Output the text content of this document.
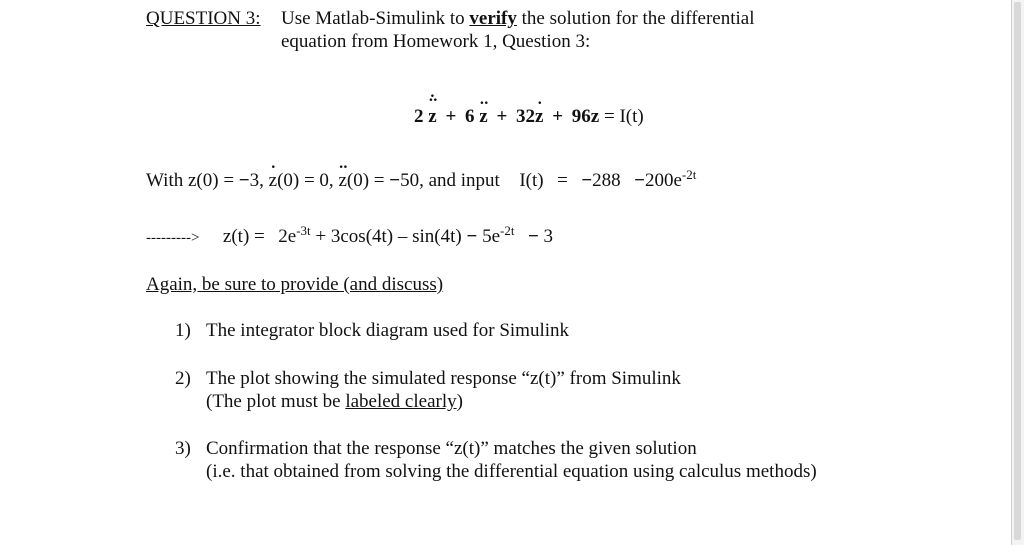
QUESTION 3: Use Matlab-Simulink to verify the solution for the differential
equation from Homework 1, Question 3:
2 ·· z · + 6 ·· z + 32· z + 96z = I(t)
With z(0) = −3, · z(0) = 0, ·· z(0) = −50, and input $I(t) = -288 -200e^{-2t}$
---------> $z(t) = 2e^{-3t} + 3\cos(4t) - \sin(4t) - 5e^{-2t} - 3$
Again, be sure to provide (and discuss)
1) The integrator block diagram used for Simulink
2) The plot showing the simulated response “z(t)” from Simulink
(The plot must be labeled clearly)
3) Confirmation that the response “z(t)” matches the given solution
(i.e. that obtained from solving the differential equation using calculus methods)
